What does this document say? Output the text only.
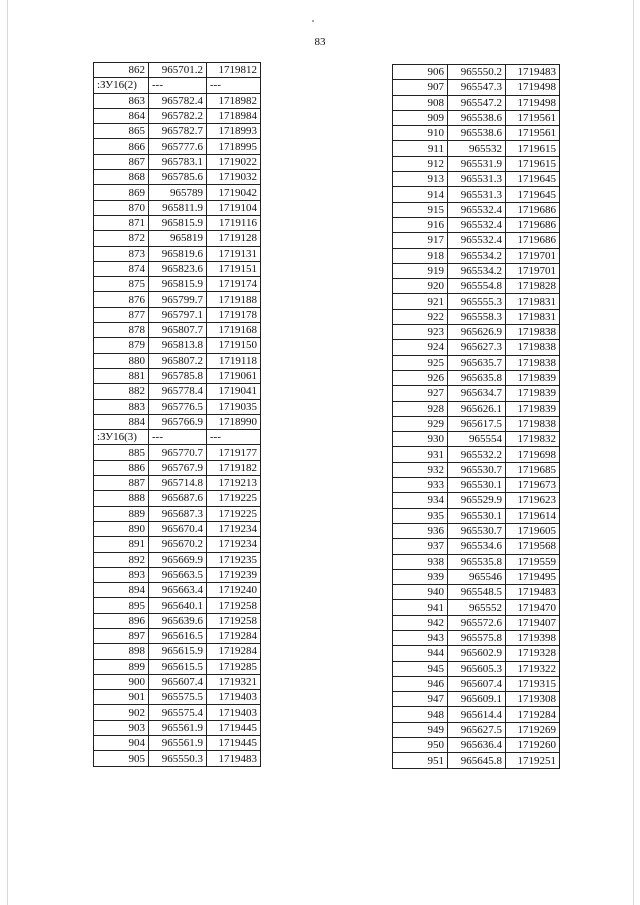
83
862	965701.2	1719812
:ЗУ16(2)	---	---
863	965782.4	1718982
864	965782.2	1718984
865	965782.7	1718993
866	965777.6	1718995
867	965783.1	1719022
868	965785.6	1719032
869	965789	1719042
870	965811.9	1719104
871	965815.9	1719116
872	965819	1719128
873	965819.6	1719131
874	965823.6	1719151
875	965815.9	1719174
876	965799.7	1719188
877	965797.1	1719178
878	965807.7	1719168
879	965813.8	1719150
880	965807.2	1719118
881	965785.8	1719061
882	965778.4	1719041
883	965776.5	1719035
884	965766.9	1718990
:ЗУ16(3)	---	---
885	965770.7	1719177
886	965767.9	1719182
887	965714.8	1719213
888	965687.6	1719225
889	965687.3	1719225
890	965670.4	1719234
891	965670.2	1719234
892	965669.9	1719235
893	965663.5	1719239
894	965663.4	1719240
895	965640.1	1719258
896	965639.6	1719258
897	965616.5	1719284
898	965615.9	1719284
899	965615.5	1719285
900	965607.4	1719321
901	965575.5	1719403
902	965575.4	1719403
903	965561.9	1719445
904	965561.9	1719445
905	965550.3	1719483
906	965550.2	1719483
907	965547.3	1719498
908	965547.2	1719498
909	965538.6	1719561
910	965538.6	1719561
911	965532	1719615
912	965531.9	1719615
913	965531.3	1719645
914	965531.3	1719645
915	965532.4	1719686
916	965532.4	1719686
917	965532.4	1719686
918	965534.2	1719701
919	965534.2	1719701
920	965554.8	1719828
921	965555.3	1719831
922	965558.3	1719831
923	965626.9	1719838
924	965627.3	1719838
925	965635.7	1719838
926	965635.8	1719839
927	965634.7	1719839
928	965626.1	1719839
929	965617.5	1719838
930	965554	1719832
931	965532.2	1719698
932	965530.7	1719685
933	965530.1	1719673
934	965529.9	1719623
935	965530.1	1719614
936	965530.7	1719605
937	965534.6	1719568
938	965535.8	1719559
939	965546	1719495
940	965548.5	1719483
941	965552	1719470
942	965572.6	1719407
943	965575.8	1719398
944	965602.9	1719328
945	965605.3	1719322
946	965607.4	1719315
947	965609.1	1719308
948	965614.4	1719284
949	965627.5	1719269
950	965636.4	1719260
951	965645.8	1719251
